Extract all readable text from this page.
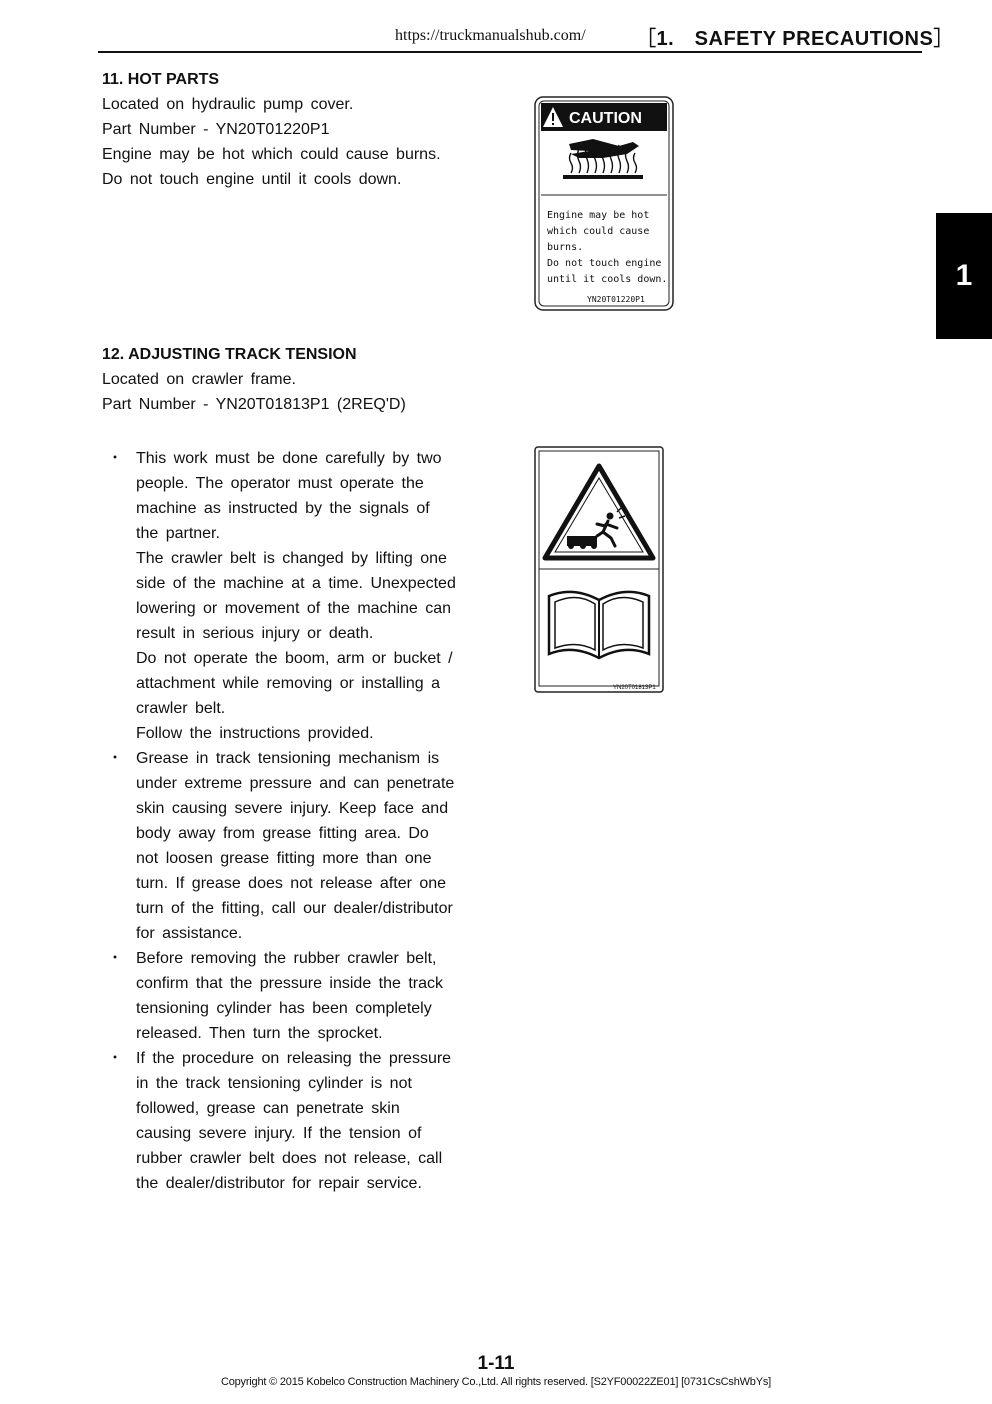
https://truckmanualshub.com/	［1.　SAFETY PRECAUTIONS］
1
11. HOT PARTS
Located on hydraulic pump cover.
Part Number - YN20T01220P1
Engine may be hot which could cause burns.
Do not touch engine until it cools down.
CAUTION
Engine may be hot
which could cause
burns.
Do not touch engine
until it cools down.
YN20T01220P1
12. ADJUSTING TRACK TENSION
Located on crawler frame.
Part Number - YN20T01813P1 (2REQ'D)
・ This work must be done carefully by two
people. The operator must operate the
machine as instructed by the signals of
the partner.
The crawler belt is changed by lifting one
side of the machine at a time. Unexpected
lowering or movement of the machine can
result in serious injury or death.
Do not operate the boom, arm or bucket /
attachment while removing or installing a
crawler belt.
Follow the instructions provided.
・ Grease in track tensioning mechanism is
under extreme pressure and can penetrate
skin causing severe injury. Keep face and
body away from grease fitting area. Do
not loosen grease fitting more than one
turn. If grease does not release after one
turn of the fitting, call our dealer/distributor
for assistance.
・ Before removing the rubber crawler belt,
confirm that the pressure inside the track
tensioning cylinder has been completely
released. Then turn the sprocket.
・ If the procedure on releasing the pressure
in the track tensioning cylinder is not
followed, grease can penetrate skin
causing severe injury. If the tension of
rubber crawler belt does not release, call
the dealer/distributor for repair service.
YN20T01813P1
1-11
Copyright © 2015 Kobelco Construction Machinery Co.,Ltd. All rights reserved. [S2YF00022ZE01] [0731CsCshWbYs]
